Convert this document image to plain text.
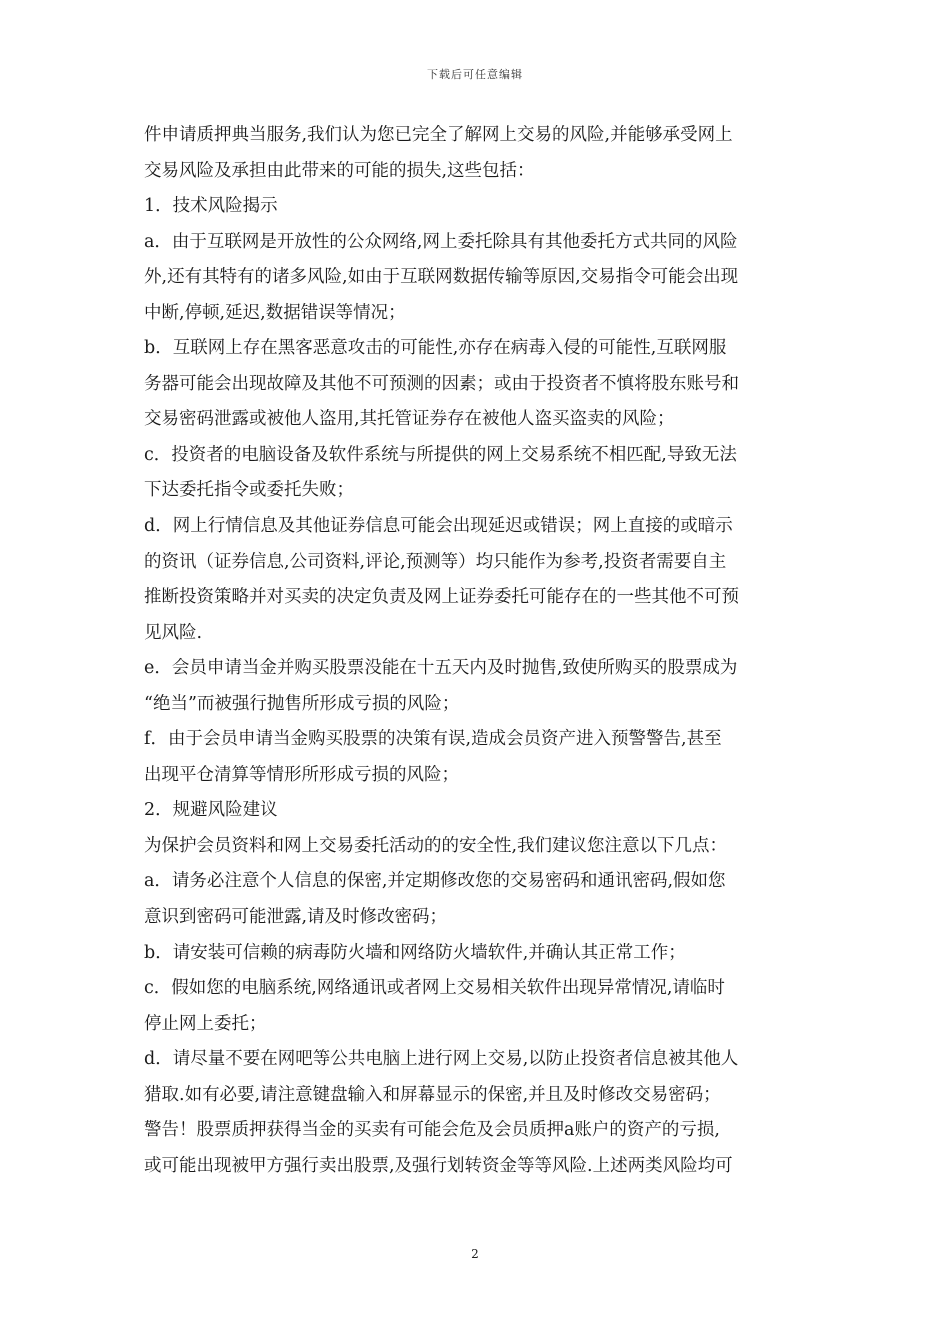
下载后可任意编辑
件申请质押典当服务,我们认为您已完全了解网上交易的风险,并能够承受网上
交易风险及承担由此带来的可能的损失,这些包括：
1．技术风险揭示
a．由于互联网是开放性的公众网络,网上委托除具有其他委托方式共同的风险
外,还有其特有的诸多风险,如由于互联网数据传输等原因,交易指令可能会出现
中断,停顿,延迟,数据错误等情况；
b．互联网上存在黑客恶意攻击的可能性,亦存在病毒入侵的可能性,互联网服
务器可能会出现故障及其他不可预测的因素；或由于投资者不慎将股东账号和
交易密码泄露或被他人盗用,其托管证券存在被他人盗买盗卖的风险；
c．投资者的电脑设备及软件系统与所提供的网上交易系统不相匹配,导致无法
下达委托指令或委托失败；
d．网上行情信息及其他证券信息可能会出现延迟或错误；网上直接的或暗示
的资讯（证券信息,公司资料,评论,预测等）均只能作为参考,投资者需要自主
推断投资策略并对买卖的决定负责及网上证券委托可能存在的一些其他不可预
见风险.
e．会员申请当金并购买股票没能在十五天内及时抛售,致使所购买的股票成为
“绝当”而被强行抛售所形成亏损的风险；
f．由于会员申请当金购买股票的决策有误,造成会员资产进入预警警告,甚至
出现平仓清算等情形所形成亏损的风险；
2．规避风险建议
为保护会员资料和网上交易委托活动的的安全性,我们建议您注意以下几点：
a．请务必注意个人信息的保密,并定期修改您的交易密码和通讯密码,假如您
意识到密码可能泄露,请及时修改密码；
b．请安装可信赖的病毒防火墙和网络防火墙软件,并确认其正常工作；
c．假如您的电脑系统,网络通讯或者网上交易相关软件出现异常情况,请临时
停止网上委托；
d．请尽量不要在网吧等公共电脑上进行网上交易,以防止投资者信息被其他人
猎取.如有必要,请注意键盘输入和屏幕显示的保密,并且及时修改交易密码；
警告！股票质押获得当金的买卖有可能会危及会员质押a账户的资产的亏损,
或可能出现被甲方强行卖出股票,及强行划转资金等等风险.上述两类风险均可
2
